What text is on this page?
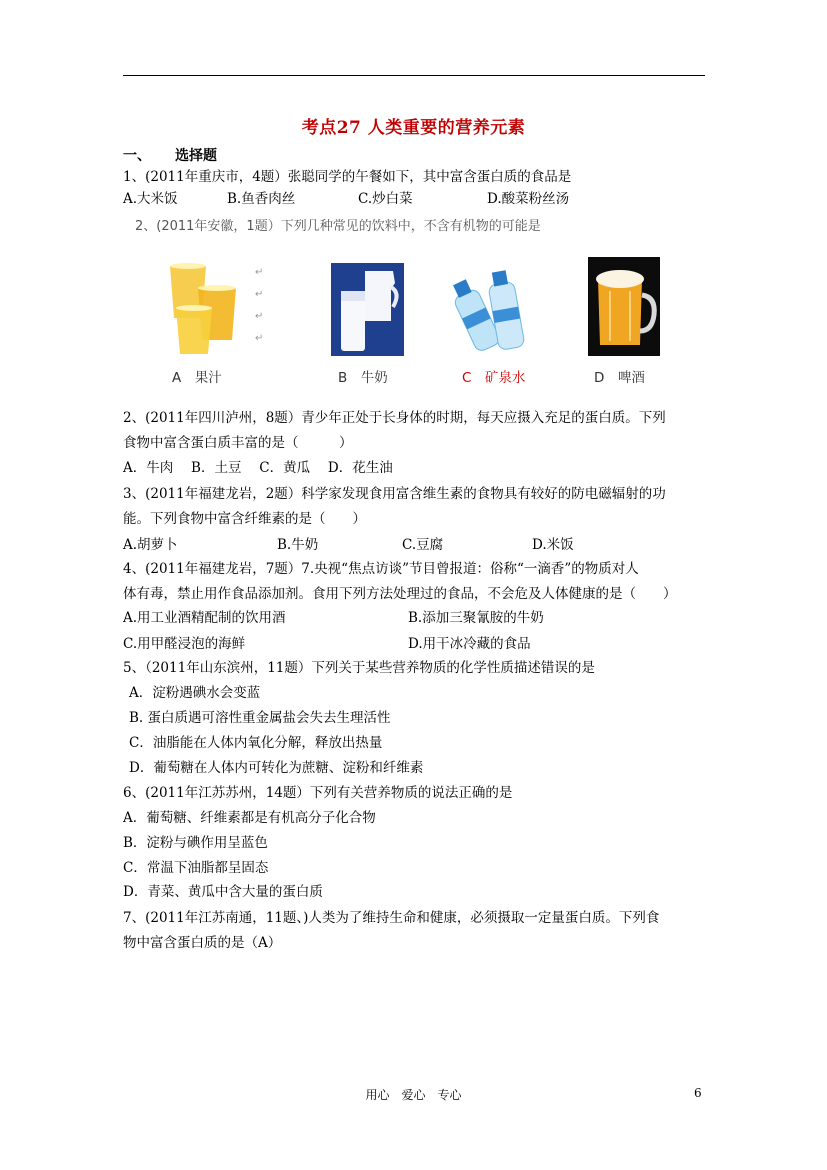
考点27 人类重要的营养元素
一、 选择题
1、(2011年重庆市，4题）张聪同学的午餐如下，其中富含蛋白质的食品是
A.大米饭	B.鱼香肉丝	C.炒白菜	D.酸菜粉丝汤
2、(2011年安徽，1题）下列几种常见的饮料中，不含有机物的可能是
↵
↵
↵
↵
A　果汁	B　牛奶	C　矿泉水	D　啤酒
2、(2011年四川泸州，8题）青少年正处于长身体的时期，每天应摄入充足的蛋白质。下列
食物中富含蛋白质丰富的是（　　　）
A．牛肉　 B．土豆　 C．黄瓜　 D．花生油
3、(2011年福建龙岩，2题）科学家发现食用富含维生素的食物具有较好的防电磁辐射的功
能。下列食物中富含纤维素的是（　　）
A.胡萝卜	B.牛奶	C.豆腐	D.米饭
4、(2011年福建龙岩，7题）7.央视“焦点访谈”节目曾报道：俗称“一滴香”的物质对人
体有毒，禁止用作食品添加剂。食用下列方法处理过的食品，不会危及人体健康的是（　　）
A.用工业酒精配制的饮用酒	B.添加三聚氰胺的牛奶
C.用甲醛浸泡的海鲜	D.用干冰冷藏的食品
5、（2011年山东滨州，11题）下列关于某些营养物质的化学性质描述错误的是
A．淀粉遇碘水会变蓝
B. 蛋白质遇可溶性重金属盐会失去生理活性
C．油脂能在人体内氧化分解，释放出热量
D．葡萄糖在人体内可转化为蔗糖、淀粉和纤维素
6、(2011年江苏苏州，14题）下列有关营养物质的说法正确的是
A．葡萄糖、纤维素都是有机高分子化合物
B．淀粉与碘作用呈蓝色
C．常温下油脂都呈固态
D．青菜、黄瓜中含大量的蛋白质
7、(2011年江苏南通，11题、)人类为了维持生命和健康，必须摄取一定量蛋白质。下列食
物中富含蛋白质的是（A）
用心　爱心　专心	6
